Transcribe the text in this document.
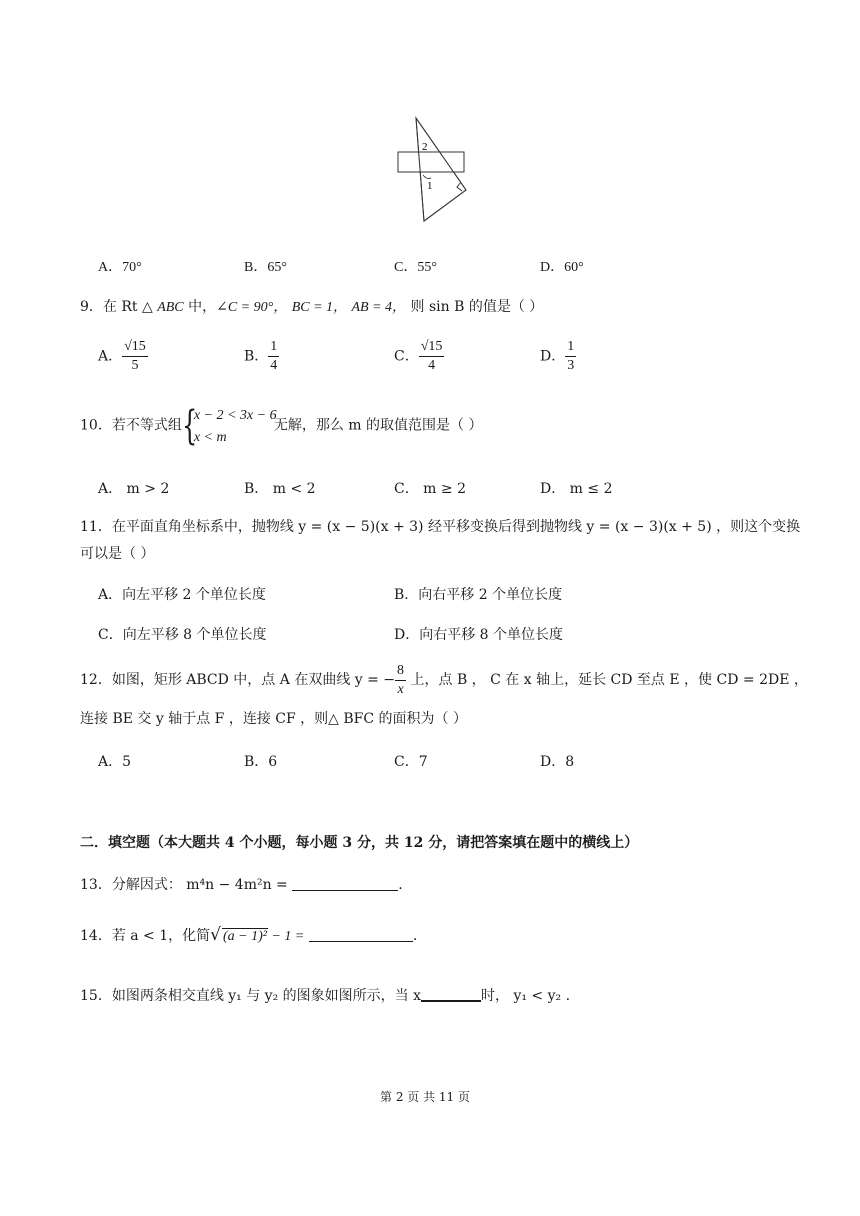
1
2
A．70°	B．65°	C．55°	D．60°
9．在 Rt △ ABC 中，∠C = 90°， BC = 1， AB = 4， 则 sin B 的值是（ ）
A． $\frac{√15}{5}$	B． $\frac{1}{4}$	C． $\frac{√15}{4}$	D． $\frac{1}{3}$
10．若不等式组 {
x − 2 < 3x − 6
x < m
无解，那么 m 的取值范围是（ ）
A． m > 2	B． m < 2	C． m ≥ 2	D． m ≤ 2
11．在平面直角坐标系中，抛物线 y = (x − 5)(x + 3) 经平移变换后得到抛物线 y = (x − 3)(x + 5) ，则这个变换
可以是（ ）
A．向左平移 2 个单位长度	B．向右平移 2 个单位长度
C．向左平移 8 个单位长度	D．向右平移 8 个单位长度
12．如图，矩形 ABCD 中，点 A 在双曲线 y = − $\frac{8}{x}$ 上，点 B ， C 在 x 轴上，延长 CD 至点 E ，使 CD = 2DE ，
连接 BE 交 y 轴于点 F ，连接 CF ，则△ BFC 的面积为（ ）
A．5	B．6	C．7	D．8
二．填空题（本大题共 4 个小题，每小题 3 分，共 12 分，请把答案填在题中的横线上）
13．分解因式： m⁴n − 4m²n =	.
14．若 a < 1，化简√ (a − 1)² − 1 =	.
15．如图两条相交直线 y₁ 与 y₂ 的图象如图所示，当 x	时， y₁ < y₂ .
第 2 页 共 11 页
